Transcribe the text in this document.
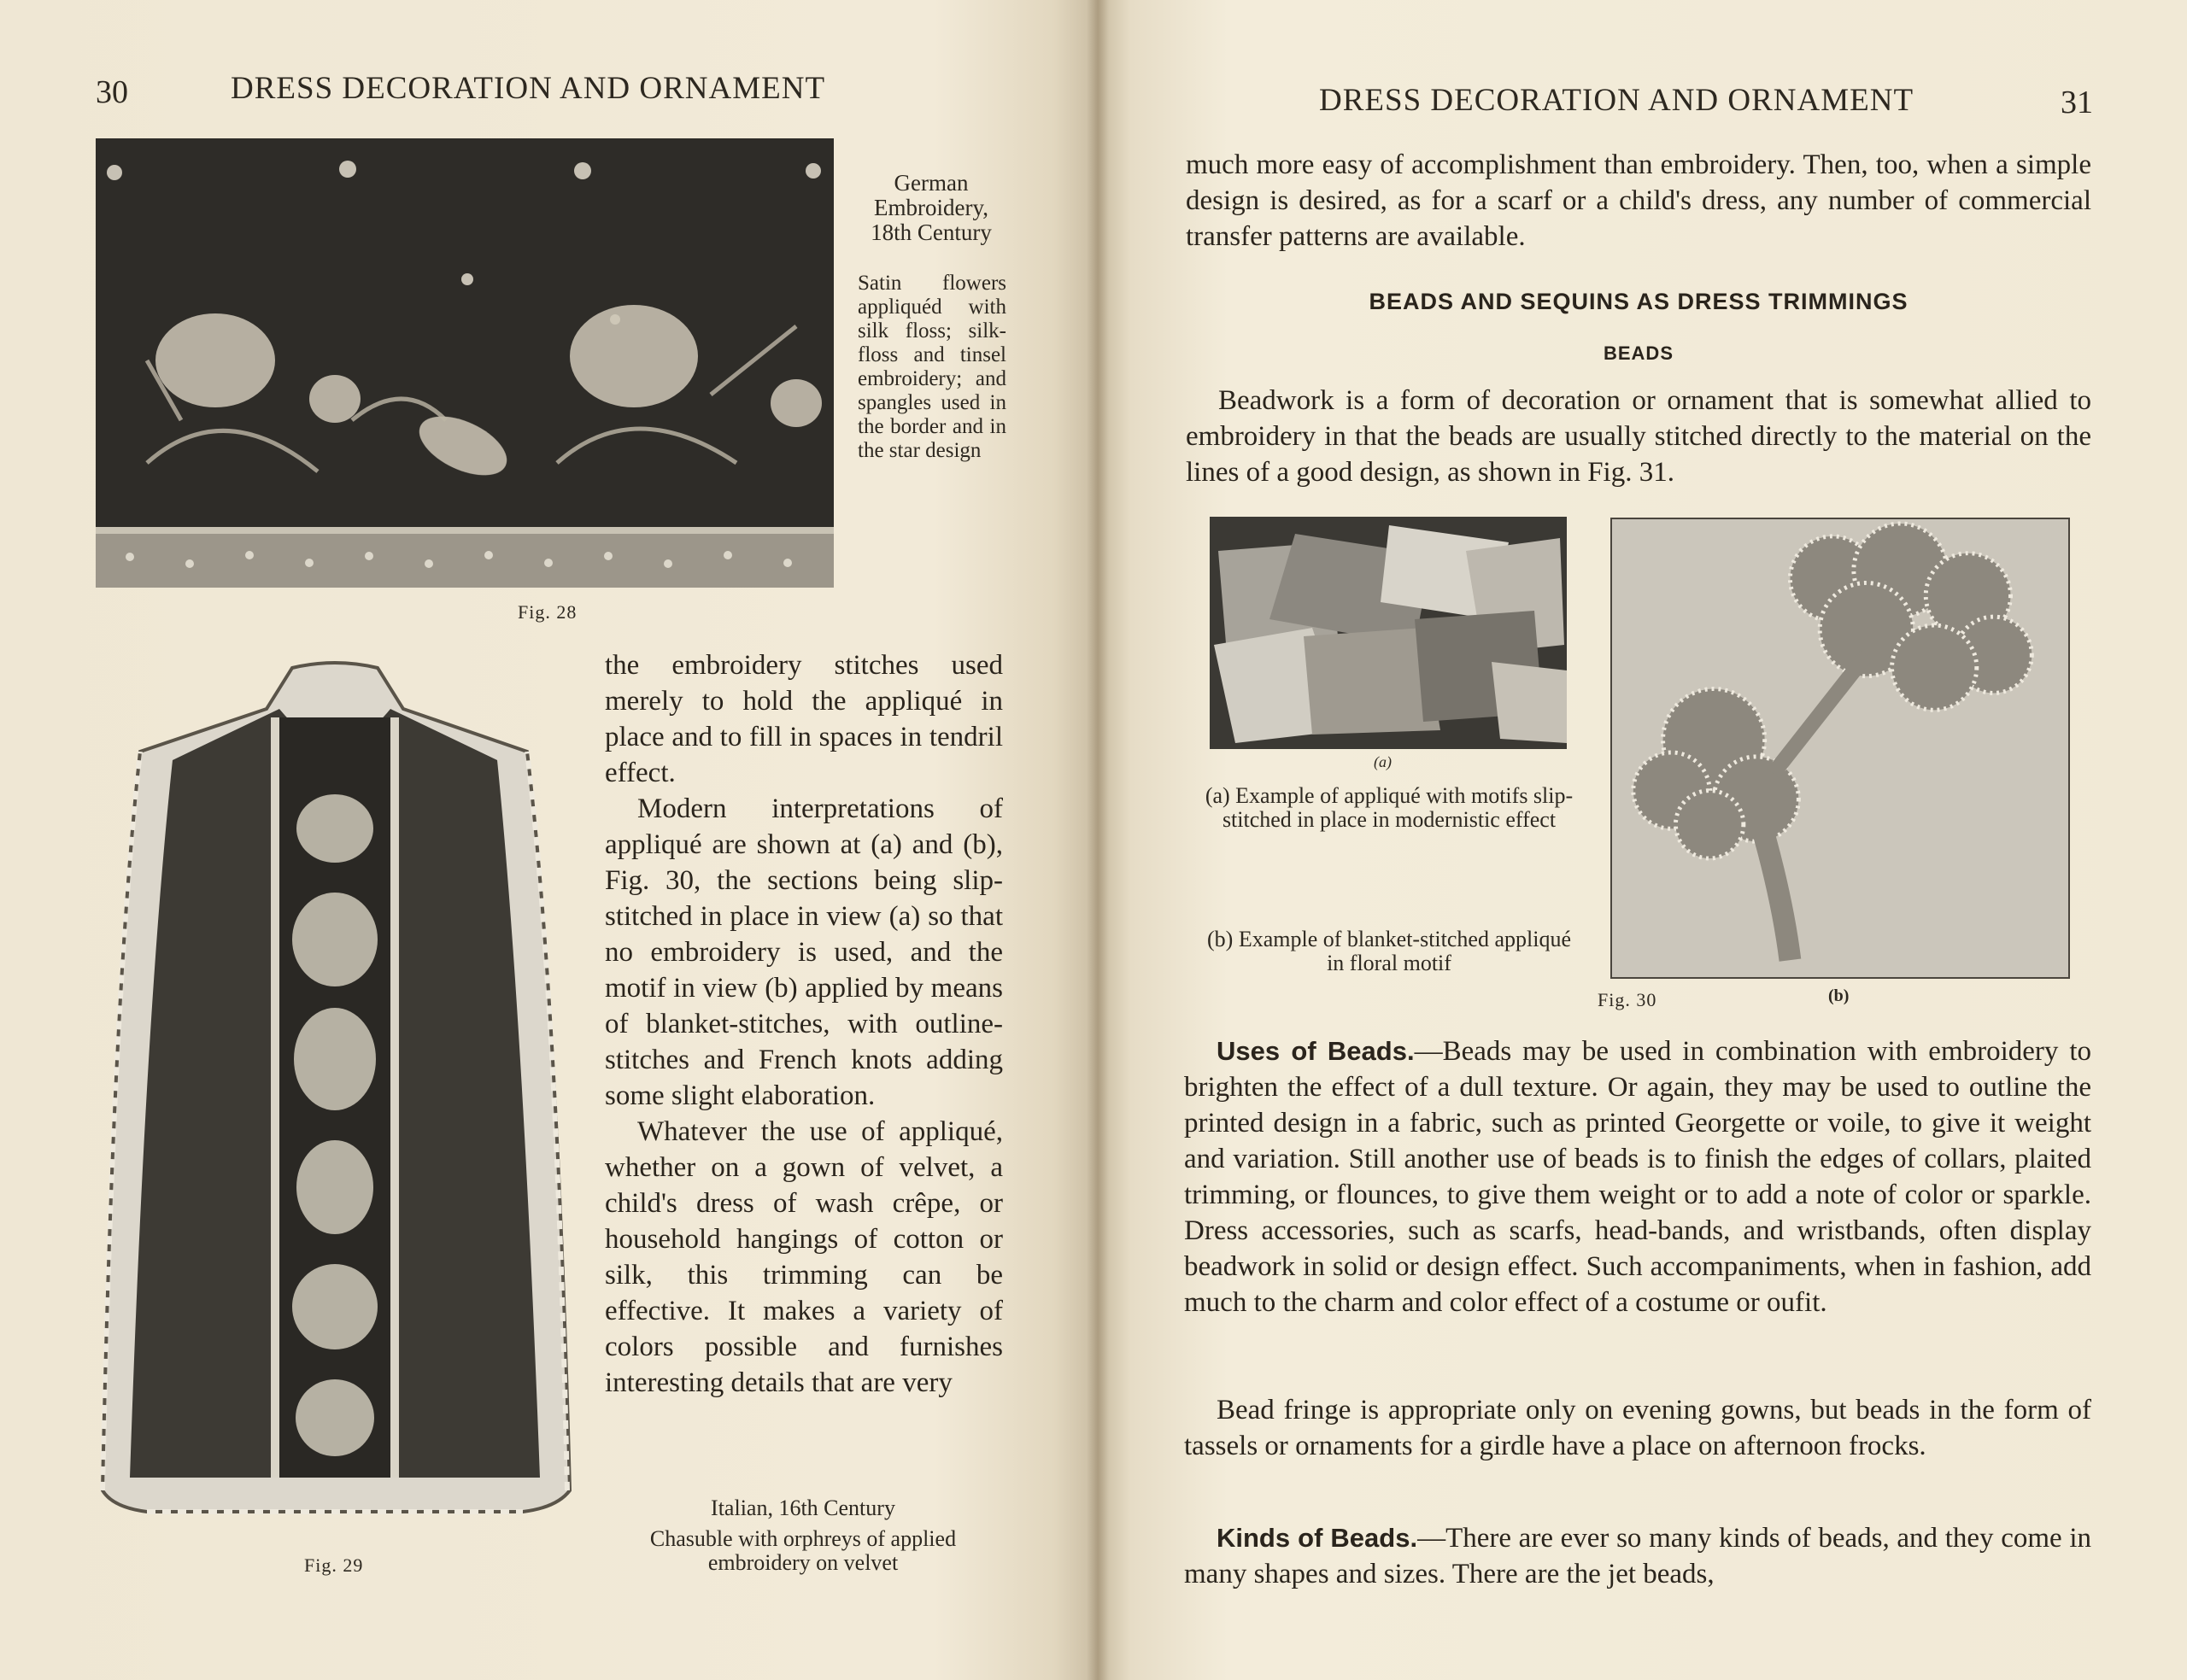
30	DRESS DECORATION AND ORNAMENT
German Embroidery, 18th Century
Satin flowers appliquéd with silk floss; silk-floss and tinsel embroidery; and spangles used in the border and in the star design
Fig. 28
Fig. 29

the embroidery stitches used merely to hold the appliqué in place and to fill in spaces in tendril effect.

Modern interpretations of appliqué are shown at (a) and (b), Fig. 30, the sections being slip-stitched in place in view (a) so that no embroidery is used, and the motif in view (b) applied by means of blanket-stitches, with outline-stitches and French knots adding some slight elaboration.

Whatever the use of appliqué, whether on a gown of velvet, a child's dress of wash crêpe, or household hangings of cotton or silk, this trimming can be effective. It makes a variety of colors possible and furnishes interesting details that are very

Italian, 16th Century
Chasuble with orphreys of applied embroidery on velvet
DRESS DECORATION AND ORNAMENT	31
much more easy of accomplishment than embroidery. Then, too, when a simple design is desired, as for a scarf or a child's dress, any number of commercial transfer patterns are available.
BEADS AND SEQUINS AS DRESS TRIMMINGS
BEADS

Beadwork is a form of decoration or ornament that is somewhat allied to embroidery in that the beads are usually stitched directly to the material on the lines of a good design, as shown in Fig. 31.

(a)
(a) Example of appliqué with motifs slip-stitched in place in modernistic effect
(b) Example of blanket-stitched appliqué in floral motif
Fig. 30	(b)

Uses of Beads.—Beads may be used in combination with embroidery to brighten the effect of a dull texture. Or again, they may be used to outline the printed design in a fabric, such as printed Georgette or voile, to give it weight and variation. Still another use of beads is to finish the edges of collars, plaited trimming, or flounces, to give them weight or to add a note of color or sparkle. Dress accessories, such as scarfs, head-bands, and wristbands, often display beadwork in solid or design effect. Such accompaniments, when in fashion, add much to the charm and color effect of a costume or oufit.

Bead fringe is appropriate only on evening gowns, but beads in the form of tassels or ornaments for a girdle have a place on afternoon frocks.

Kinds of Beads.—There are ever so many kinds of beads, and they come in many shapes and sizes. There are the jet beads,
